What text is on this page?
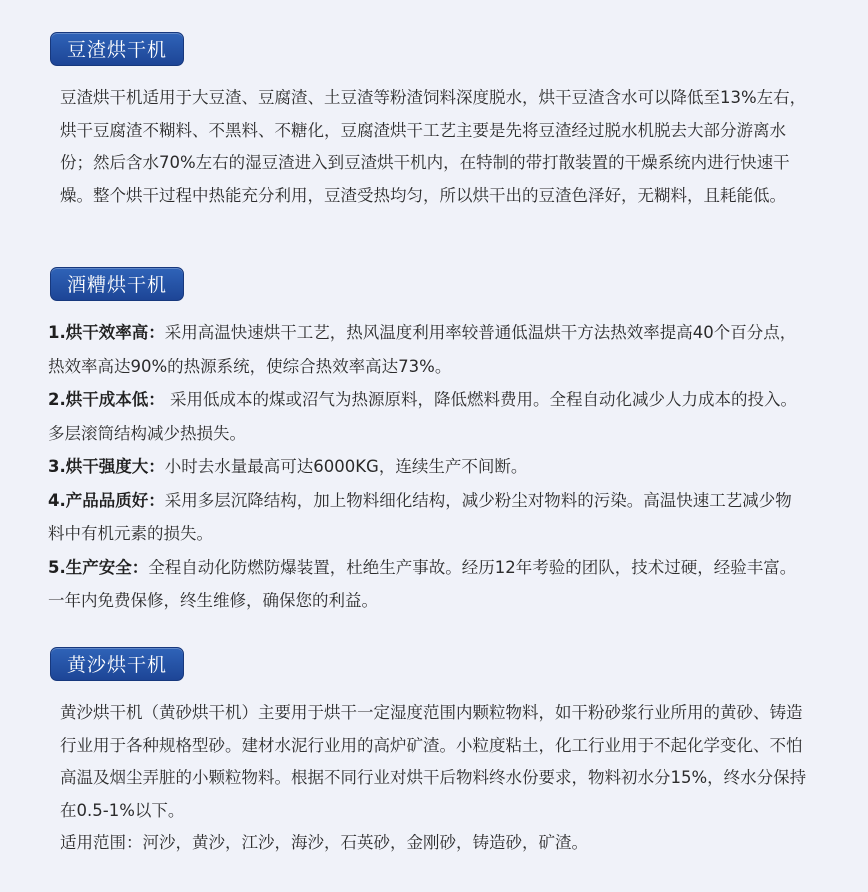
豆渣烘干机

豆渣烘干机适用于大豆渣、豆腐渣、土豆渣等粉渣饲料深度脱水，烘干豆渣含水可以降低至13%左右，烘干豆腐渣不糊料、不黑料、不糖化，豆腐渣烘干工艺主要是先将豆渣经过脱水机脱去大部分游离水份；然后含水70%左右的湿豆渣进入到豆渣烘干机内，在特制的带打散装置的干燥系统内进行快速干燥。整个烘干过程中热能充分利用，豆渣受热均匀，所以烘干出的豆渣色泽好，无糊料，且耗能低。

酒糟烘干机

1.烘干效率高：采用高温快速烘干工艺，热风温度利用率较普通低温烘干方法热效率提高40个百分点，热效率高达90%的热源系统，使综合热效率高达73%。

2.烘干成本低： 采用低成本的煤或沼气为热源原料，降低燃料费用。全程自动化减少人力成本的投入。 多层滚筒结构减少热损失。

3.烘干强度大：小时去水量最高可达6000KG，连续生产不间断。

4.产品品质好：采用多层沉降结构，加上物料细化结构，减少粉尘对物料的污染。高温快速工艺减少物料中有机元素的损失。

5.生产安全：全程自动化防燃防爆装置，杜绝生产事故。经历12年考验的团队，技术过硬，经验丰富。一年内免费保修，终生维修，确保您的利益。

黄沙烘干机

黄沙烘干机（黄砂烘干机）主要用于烘干一定湿度范围内颗粒物料，如干粉砂浆行业所用的黄砂、铸造行业用于各种规格型砂。建材水泥行业用的高炉矿渣。小粒度粘土，化工行业用于不起化学变化、不怕高温及烟尘弄脏的小颗粒物料。根据不同行业对烘干后物料终水份要求，物料初水分15%，终水分保持在0.5-1%以下。
适用范围：河沙，黄沙，江沙，海沙，石英砂，金刚砂，铸造砂，矿渣。
